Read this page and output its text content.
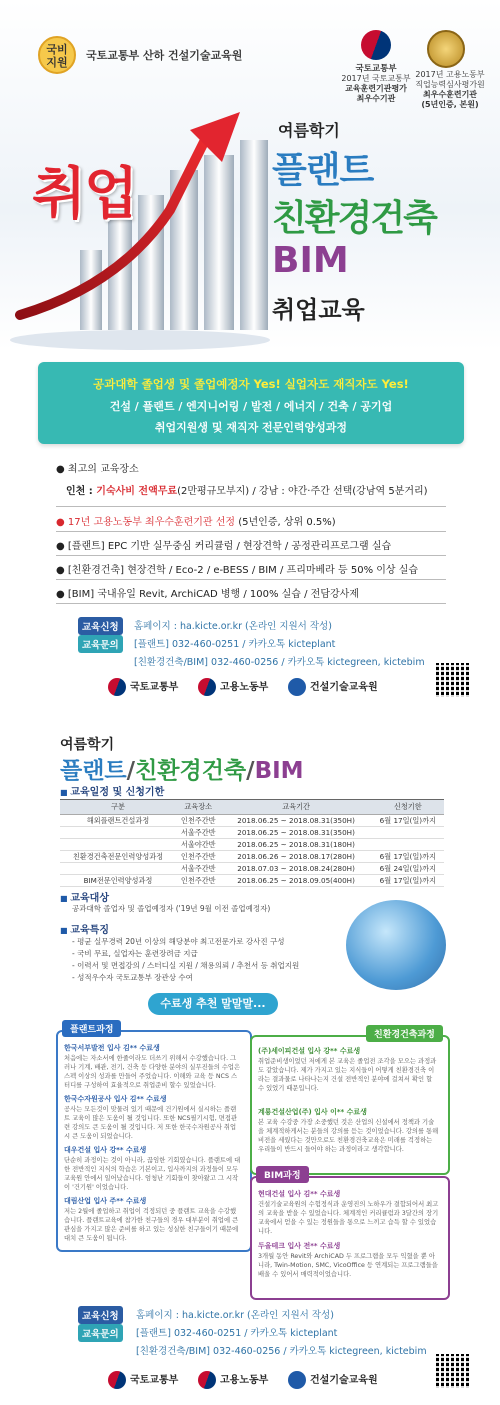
국비
지원
국토교통부 산하 건설기술교육원
국토교통부
2017년 국토교통부
교육훈련기관평가
최우수기관
2017년 고용노동부
직업능력심사평가원
최우수훈련기관
(5년인증, 본원)
취업
여름학기
플랜트
친환경건축
BIM
취업교육
공과대학 졸업생 및 졸업예정자 Yes! 실업자도 재직자도 Yes!
건설 / 플랜트 / 엔지니어링 / 발전 / 에너지 / 건축 / 공기업
취업지원생 및 재직자 전문인력양성과정
● 최고의 교육장소
인천 : 기숙사비 전액무료(2만평규모부지) / 강남 : 야간·주간 선택(강남역 5분거리)
● 17년 고용노동부 최우수훈련기관 선정 (5년인증, 상위 0.5%)
● [플랜트] EPC 기반 실무중심 커리큘럼 / 현장견학 / 공정관리프로그램 실습
● [친환경건축] 현장견학 / Eco-2 / e-BESS / BIM / 프리마베라 등 50% 이상 실습
● [BIM] 국내유일 Revit, ArchiCAD 병행 / 100% 실습 / 전담강사제
교육신청
교육문의
홈페이지 : ha.kicte.or.kr (온라인 지원서 작성)
[플랜트] 032-460-0251 / 카카오톡 kicteplant
[친환경건축/BIM] 032-460-0256 / 카카오톡 kictegreen, kictebim
국토교통부	고용노동부	건설기술교육원
여름학기
플랜트/친환경건축/BIM
■ 교육일정 및 신청기한
구분	교육장소	교육기간	신청기한
해외플랜트건설과정	인천주간반	2018.06.25 ~ 2018.08.31(350H)	6월 17일(일)까지
	서울주간반	2018.06.25 ~ 2018.08.31(350H)	
	서울야간반	2018.06.25 ~ 2018.08.31(180H)	
친환경건축전문인력양성과정	인천주간반	2018.06.26 ~ 2018.08.17(280H)	6월 17일(일)까지
	서울주간반	2018.07.03 ~ 2018.08.24(280H)	6월 24일(일)까지
BIM전문인력양성과정	인천주간반	2018.06.25 ~ 2018.09.05(400H)	6월 17일(일)까지
■ 교육대상
공과대학 졸업자 및 졸업예정자 ('19년 9월 이전 졸업예정자)
■ 교육특징
- 평균 실무경력 20년 이상의 해당분야 최고전문가로 강사진 구성
- 국비 무료, 실업자는 훈련장려금 지급
- 이력서 및 면접강의 / 스터디실 지원 / 채용의뢰 / 추천서 등 취업지원
- 성적우수자 국토교통부 장관상 수여
수료생 추천 말말말...
플랜트과정
한국서부발전 입사 김** 수료생
처음에는 자소서에 한줄이라도 더쓰기 위해서 수강했습니다. 그러나 기계, 배관, 전기, 건축 등 다양한 분야의 실무진들의 수업은 스펙 이상의 성과를 만들어 주었습니다. 이해와 교육 등 NCS 스터디를 구성하여 효율적으로 취업준비 할수 있었습니다.
한국수자원공사 입사 김** 수료생
공사는 모든것이 맞물려 있기 때문에 건기원에서 실시하는 플랜트 교육이 많은 도움이 될 것입니다. 또한 NCS필기시험, 면접관련 강의도 큰 도움이 될 것입니다. 저 또한 한국수자원공사 취업 시 큰 도움이 되었습니다.
대우건설 입사 강** 수료생
단순히 과정이는 것이 아니라, 끊임한 기회였습니다. 플랜트에 대한 전반적인 지식의 학습은 기본이고, 입사까지의 과정들이 모두 교육원 안에서 일어났습니다. 엄청난 기회들이 찾아왔고 그 시작이 '건기원' 이었습니다.
대림산업 입사 주** 수료생
저는 2월에 졸업하고 취업이 걱정되던 중 플랜트 교육을 수강했습니다. 플랜트교육에 참가한 친구들의 경우 대부분이 취업에 큰 관심을 가지고 많은 준비를 하고 있는 성실한 친구들이기 때문에 대치 큰 도움이 됩니다.
친환경건축과정
(주)세이피건설 입사 강** 수료생
취업준비생이었던 저에게 본 교육은 졸업전 조각을 모으는 과정과도 같았습니다. 제가 가지고 있는 지식들이 어떻게 친환경건축 이라는 결과물로 나타나는지 건설 전반적인 분야에 걸쳐서 확인 할 수 있었기 때문입니다.
계룡건설산업(주) 입사 이** 수료생
본 교육 수강중 가장 소중했던 것은 산업의 신설에서 정책과 기술을 체계적하게서는 분들의 강의를 듣는 것이었습니다. 강의를 통해 비전을 세웠다는 것만으로도 친환경건축교육은 미래를 걱정하는 우리들이 반드시 들어야 하는 과정이라고 생각합니다.
BIM과정
현대건설 입사 김** 수료생
건설기술교육원의 수험정식과 운영진의 노하우가 결합되어서 최고의 교육을 받을 수 있었습니다. 체계적인 커리큘럼과 3달간의 장기교육에서 얻을 수 있는 정원들을 통으로 느끼고 습득 할 수 있었습니다.
두올테크 입사 전** 수료생
3개월 동안 Revit와 ArchiCAD 두 프로그램을 모두 익혔을 뿐 아니라, Twin-Motion, SMC, VicoOffice 등 연계되는 프로그램들을 배울 수 있어서 매력적이었습니다.
교육신청
교육문의
홈페이지 : ha.kicte.or.kr (온라인 지원서 작성)
[플랜트] 032-460-0251 / 카카오톡 kicteplant
[친환경건축/BIM] 032-460-0256 / 카카오톡 kictegreen, kictebim
국토교통부	고용노동부	건설기술교육원
